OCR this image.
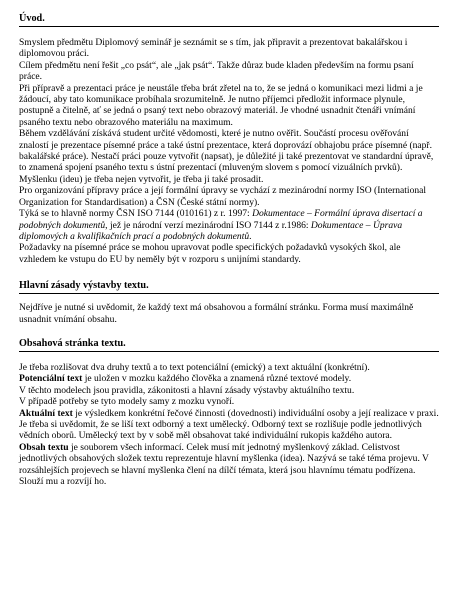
Úvod.

Smyslem předmětu Diplomový seminář je seznámit se s tím, jak připravit a prezentovat bakalářskou i diplomovou práci.

Cílem předmětu není řešit „co psát“, ale „jak psát“. Takže důraz bude kladen především na formu psaní práce.

Při přípravě a prezentaci práce je neustále třeba brát zřetel na to, že se jedná o komunikaci mezi lidmi a je žádoucí, aby tato komunikace probíhala srozumitelně. Je nutno příjemci předložit informace plynule, postupně a čitelně, ať se jedná o psaný text nebo obrazový materiál. Je vhodné usnadnit čtenáři vnímání psaného textu nebo obrazového materiálu na maximum.

Během vzdělávání získává student určité vědomosti, které je nutno ověřit. Součástí procesu ověřování znalostí je prezentace písemné práce a také ústní prezentace, která doprovází obhajobu práce písemné (např. bakalářské práce). Nestačí práci pouze vytvořit (napsat), je důležité ji také prezentovat ve standardní úpravě, to znamená spojení psaného textu s ústní prezentací (mluveným slovem s pomocí vizuálních prvků).

Myšlenku (ideu) je třeba nejen vytvořit, je třeba ji také prosadit.

Pro organizování přípravy práce a její formální úpravy se vychází z mezinárodní normy ISO (International Organization for Standardisation) a ČSN (České státní normy).

Týká se to hlavně normy ČSN ISO 7144 (010161) z r. 1997: Dokumentace – Formální úprava disertací a podobných dokumentů, jež je národní verzí mezinárodní ISO 7144 z r.1986: Dokumentace – Úprava diplomových a kvalifikačních prací a podobných dokumentů.

Požadavky na písemné práce se mohou upravovat podle specifických požadavků vysokých škol, ale vzhledem ke vstupu do EU by neměly být v rozporu s unijními standardy.

Hlavní zásady výstavby textu.

Nejdříve je nutné si uvědomit, že každý text má obsahovou a formální stránku. Forma musí maximálně usnadnit vnímání obsahu.

Obsahová stránka textu.

Je třeba rozlišovat dva druhy textů a to text potenciální (emický) a text aktuální (konkrétní).

Potenciální text je uložen v mozku každého člověka a znamená různé textové modely.

V těchto modelech jsou pravidla, zákonitosti a hlavní zásady výstavby aktuálního textu.

V případě potřeby se tyto modely samy z mozku vynoří.

Aktuální text je výsledkem konkrétní řečové činnosti (dovednosti) individuální osoby a její realizace v praxi. Je třeba si uvědomit, že se liší text odborný a text umělecký. Odborný text se rozlišuje podle jednotlivých vědních oborů. Umělecký text by v sobě měl obsahovat také individuální rukopis každého autora.

Obsah textu je souborem všech informací. Celek musí mít jednotný myšlenkový základ. Celistvost jednotlivých obsahových složek textu reprezentuje hlavní myšlenka (idea). Nazývá se také téma projevu. V rozsáhlejších projevech se hlavní myšlenka člení na dílčí témata, která jsou hlavnímu tématu podřízena. Slouží mu a rozvíjí ho.
